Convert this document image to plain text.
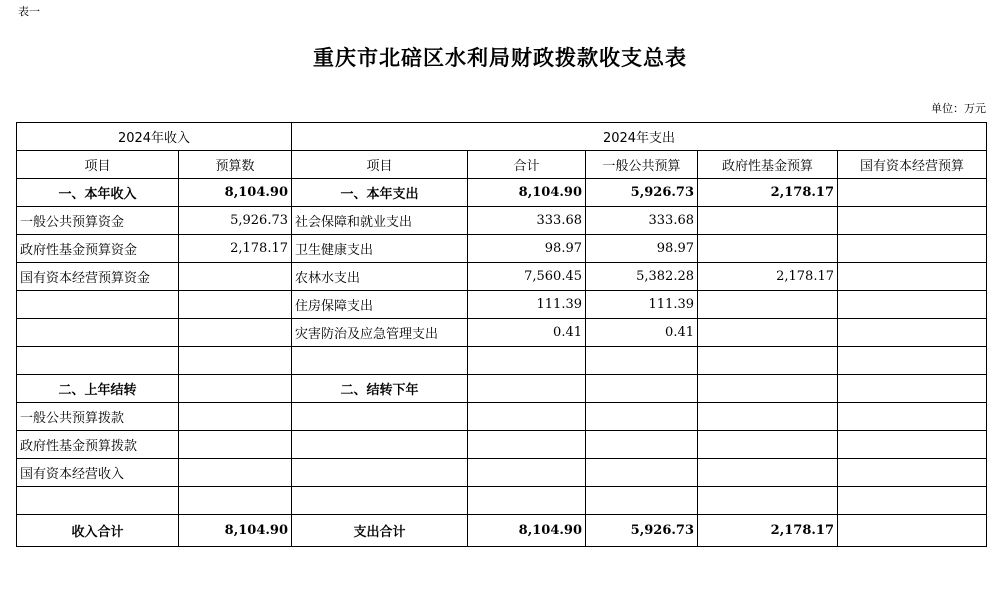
表一
重庆市北碚区水利局财政拨款收支总表
单位：万元
2024年收入		2024年支出				
项目	预算数	项目	合计	一般公共预算	政府性基金预算	国有资本经营预算
一、本年收入	8,104.90	一、本年支出	8,104.90	5,926.73	2,178.17	
一般公共预算资金	5,926.73	社会保障和就业支出	333.68	333.68		
政府性基金预算资金	2,178.17	卫生健康支出	98.97	98.97		
国有资本经营预算资金		农林水支出	7,560.45	5,382.28	2,178.17	
		住房保障支出	111.39	111.39		
		灾害防治及应急管理支出	0.41	0.41		

二、上年结转		二、结转下年				
一般公共预算拨款						
政府性基金预算拨款						
国有资本经营收入						

收入合计	8,104.90	支出合计	8,104.90	5,926.73	2,178.17	
